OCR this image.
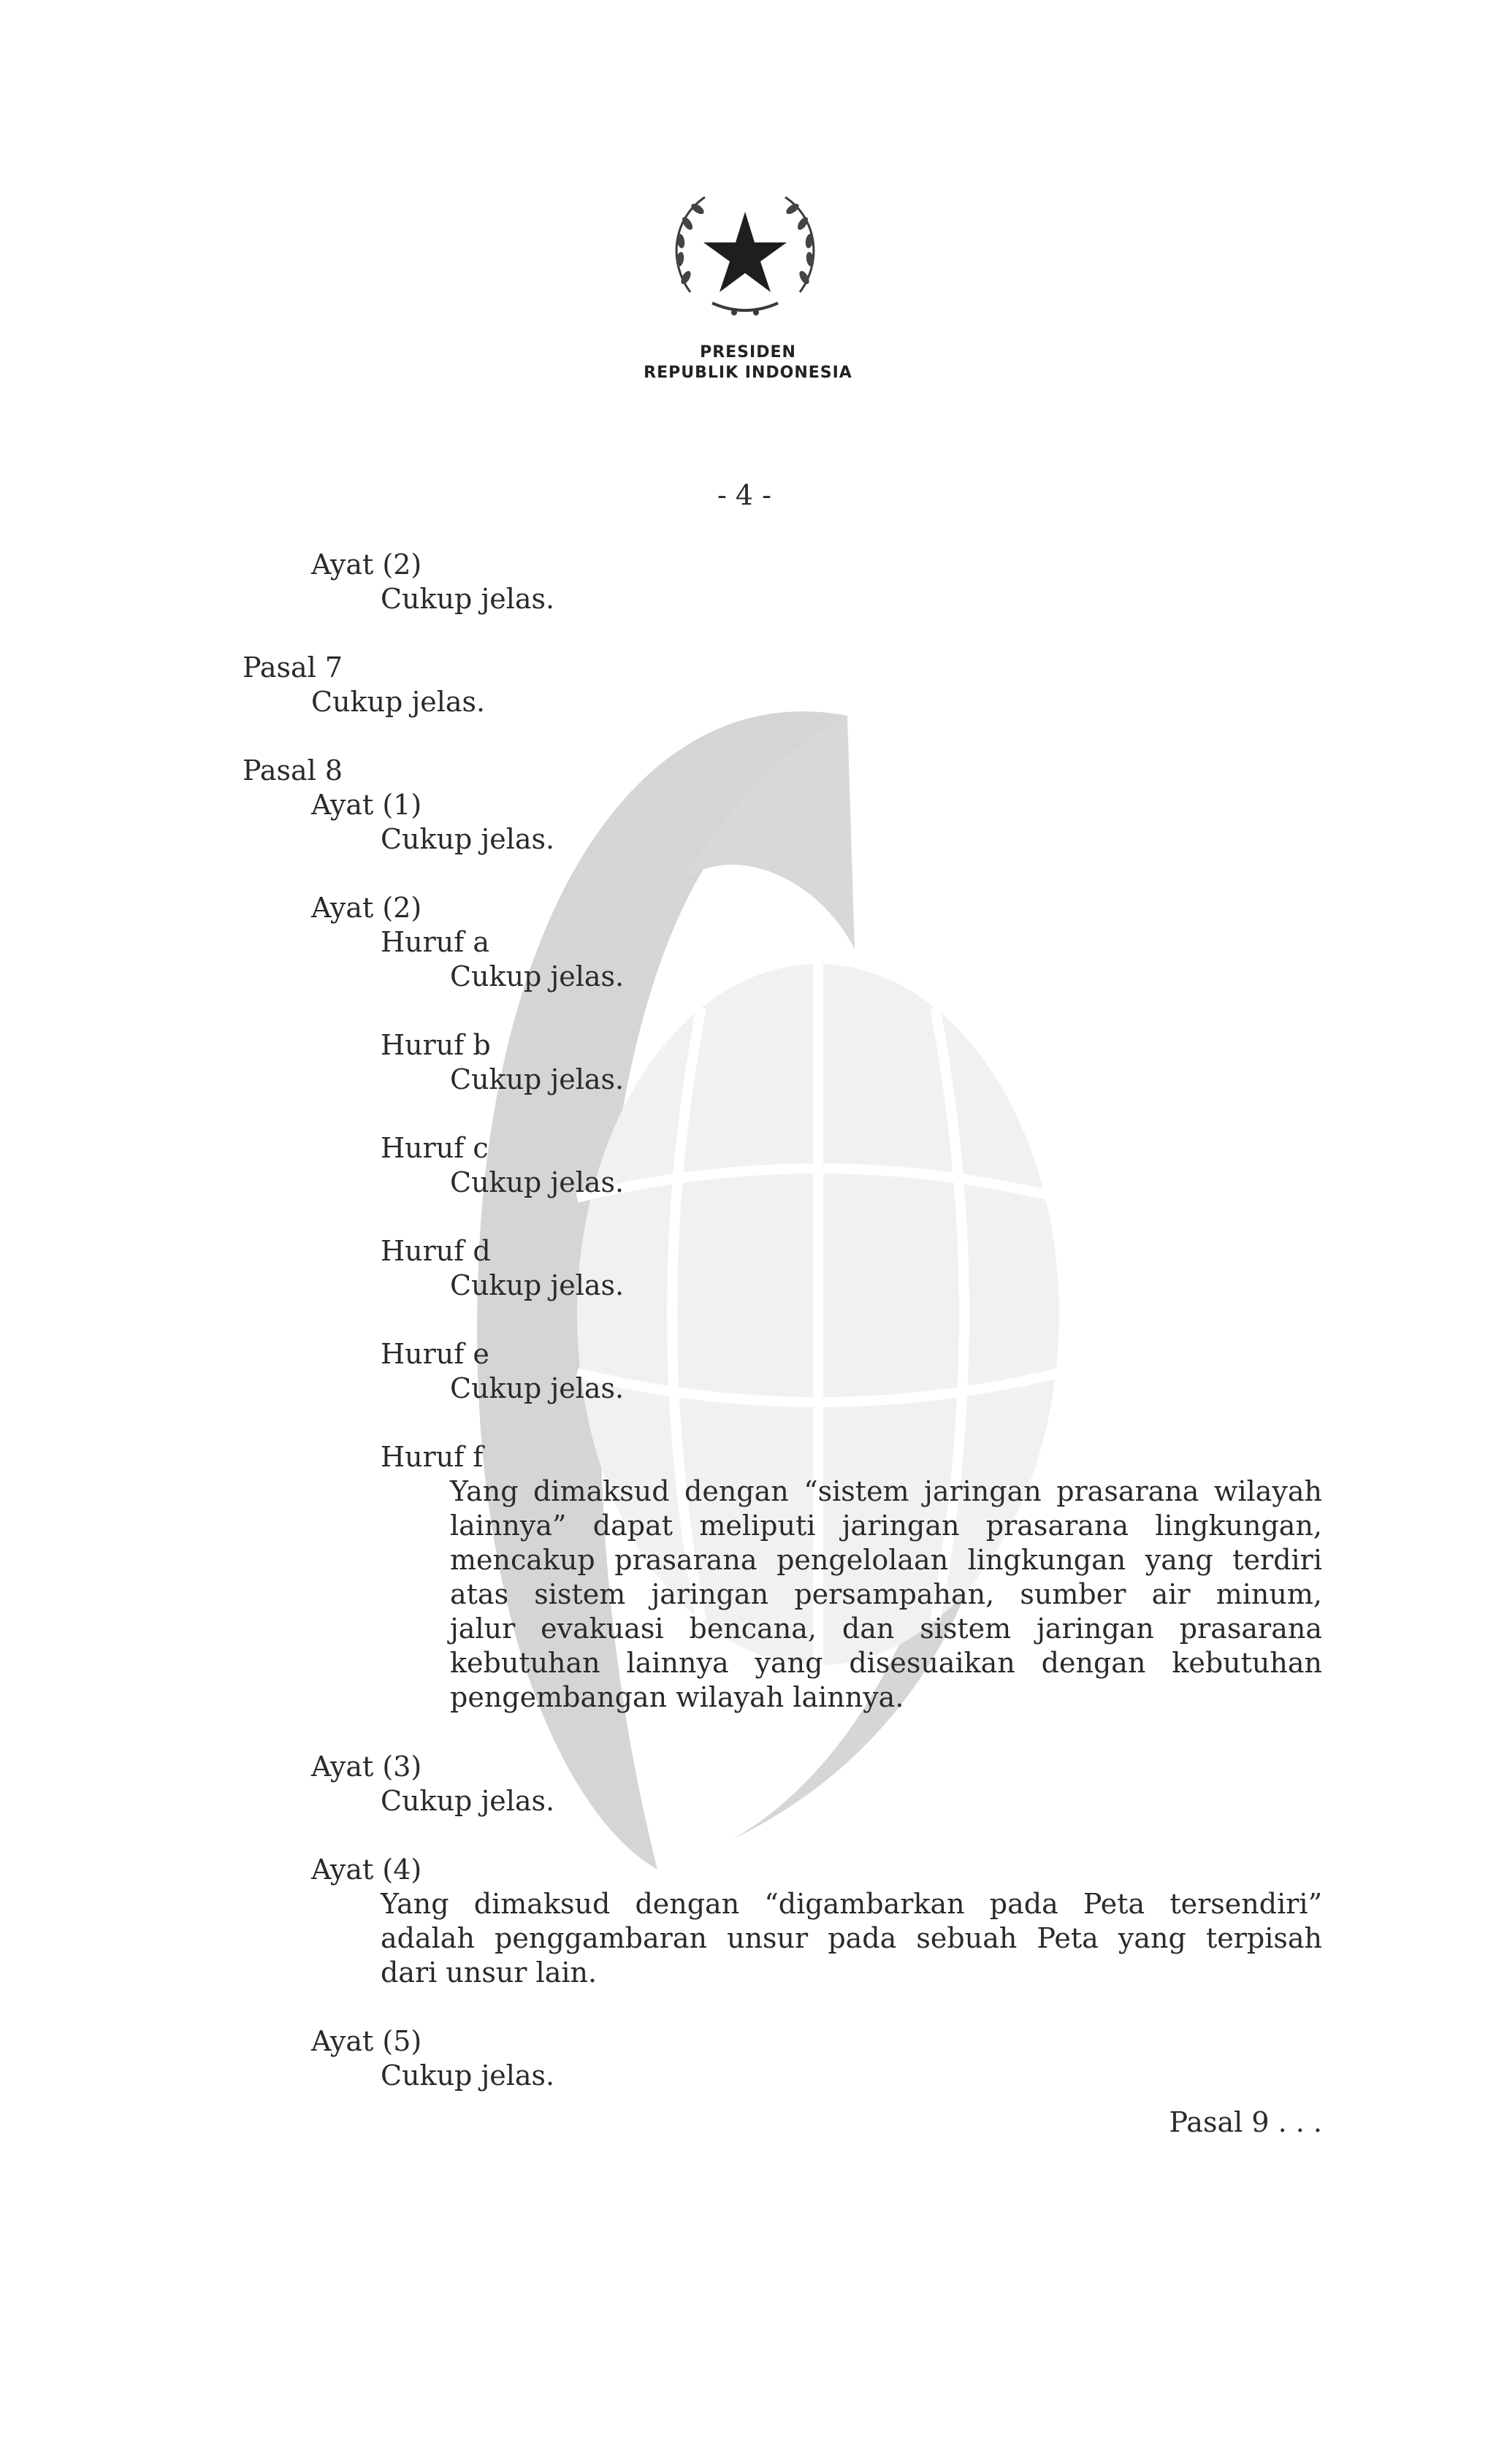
PRESIDEN
REPUBLIK INDONESIA
- 4 -
Ayat (2)
Cukup jelas.
Pasal 7
Cukup jelas.
Pasal 8
Ayat (1)
Cukup jelas.
Ayat (2)
Huruf a
Cukup jelas.
Huruf b
Cukup jelas.
Huruf c
Cukup jelas.
Huruf d
Cukup jelas.
Huruf e
Cukup jelas.
Huruf f
Yang dimaksud dengan “sistem jaringan prasarana wilayah
lainnya” dapat meliputi jaringan prasarana lingkungan,
mencakup prasarana pengelolaan lingkungan yang terdiri
atas sistem jaringan persampahan, sumber air minum,
jalur evakuasi bencana, dan sistem jaringan prasarana
kebutuhan lainnya yang disesuaikan dengan kebutuhan
pengembangan wilayah lainnya.
Ayat (3)
Cukup jelas.
Ayat (4)
Yang dimaksud dengan “digambarkan pada Peta tersendiri”
adalah penggambaran unsur pada sebuah Peta yang terpisah
dari unsur lain.
Ayat (5)
Cukup jelas.
Pasal 9 . . .
